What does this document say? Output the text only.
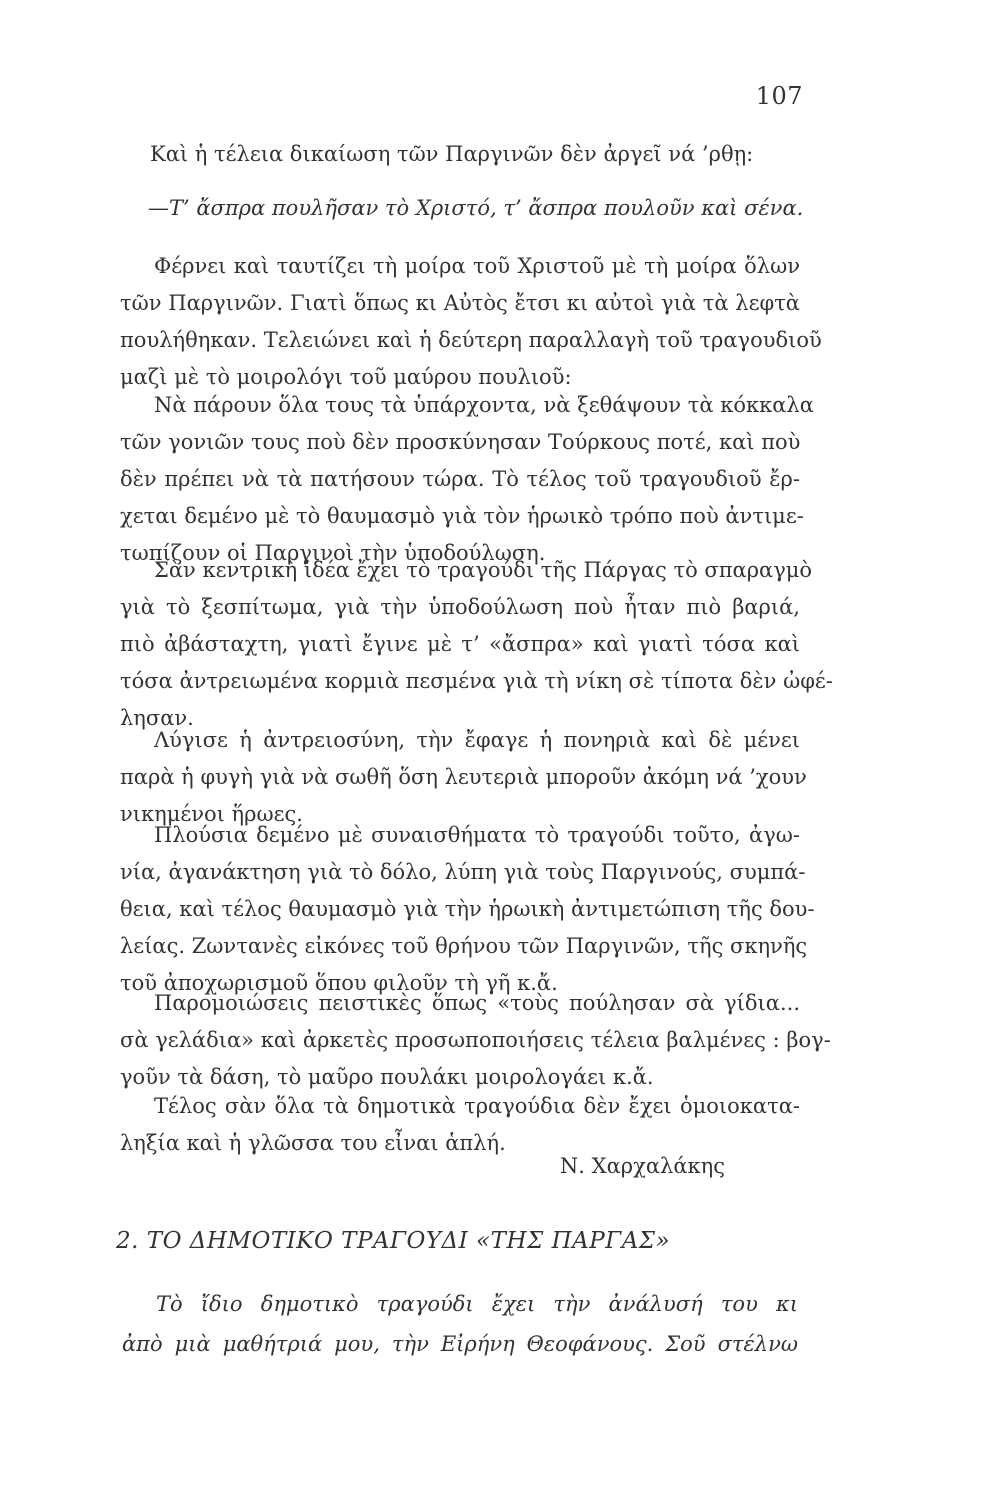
107
Καὶ ἡ τέλεια δικαίωση τῶν Παργινῶν δὲν ἀργεῖ νά ’ρθῃ:
—Τ’ ἄσπρα πουλῆσαν τὸ Χριστό, τ’ ἄσπρα πουλοῦν καὶ σένα.
Φέρνει καὶ ταυτίζει τὴ μοίρα τοῦ Χριστοῦ μὲ τὴ μοίρα ὅλων
τῶν Παργινῶν. Γιατὶ ὅπως κι Αὐτὸς ἔτσι κι αὐτοὶ γιὰ τὰ λεφτὰ
πουλήθηκαν. Τελειώνει καὶ ἡ δεύτερη παραλλαγὴ τοῦ τραγουδιοῦ
μαζὶ μὲ τὸ μοιρολόγι τοῦ μαύρου πουλιοῦ:
Νὰ πάρουν ὅλα τους τὰ ὑπάρχοντα, νὰ ξεθάψουν τὰ κόκκαλα
τῶν γονιῶν τους ποὺ δὲν προσκύνησαν Τούρκους ποτέ, καὶ ποὺ
δὲν πρέπει νὰ τὰ πατήσουν τώρα. Τὸ τέλος τοῦ τραγουδιοῦ ἔρ-
χεται δεμένο μὲ τὸ θαυμασμὸ γιὰ τὸν ἡρωικὸ τρόπο ποὺ ἀντιμε-
τωπίζουν οἱ Παργινοὶ τὴν ὑποδούλωση.
Σὰν κεντρικὴ ἰδέα ἔχει τὸ τραγούδι τῆς Πάργας τὸ σπαραγμὸ
γιὰ τὸ ξεσπίτωμα, γιὰ τὴν ὑποδούλωση ποὺ ἦταν πιὸ βαριά,
πιὸ ἀβάσταχτη, γιατὶ ἔγινε μὲ τ’ «ἄσπρα» καὶ γιατὶ τόσα καὶ
τόσα ἀντρειωμένα κορμιὰ πεσμένα γιὰ τὴ νίκη σὲ τίποτα δὲν ὠφέ-
λησαν.
Λύγισε ἡ ἀντρειοσύνη, τὴν ἔφαγε ἡ πονηριὰ καὶ δὲ μένει
παρὰ ἡ φυγὴ γιὰ νὰ σωθῆ ὅση λευτεριὰ μποροῦν ἀκόμη νά ’χουν
νικημένοι ἥρωες.
Πλούσια δεμένο μὲ συναισθήματα τὸ τραγούδι τοῦτο, ἀγω-
νία, ἀγανάκτηση γιὰ τὸ δόλο, λύπη γιὰ τοὺς Παργινούς, συμπά-
θεια, καὶ τέλος θαυμασμὸ γιὰ τὴν ἡρωικὴ ἀντιμετώπιση τῆς δου-
λείας. Ζωντανὲς εἰκόνες τοῦ θρήνου τῶν Παργινῶν, τῆς σκηνῆς
τοῦ ἀποχωρισμοῦ ὅπου φιλοῦν τὴ γῆ κ.ἄ.
Παρομοιώσεις πειστικὲς ὅπως «τοὺς πούλησαν σὰ γίδια...
σὰ γελάδια» καὶ ἀρκετὲς προσωποποιήσεις τέλεια βαλμένες : βογ-
γοῦν τὰ δάση, τὸ μαῦρο πουλάκι μοιρολογάει κ.ἄ.
Τέλος σὰν ὅλα τὰ δημοτικὰ τραγούδια δὲν ἔχει ὁμοιοκατα-
ληξία καὶ ἡ γλῶσσα του εἶναι ἁπλή.
Ν. Χαρχαλάκης
2. ΤΟ ΔΗΜΟΤΙΚΟ ΤΡΑΓΟΥΔΙ «ΤΗΣ ΠΑΡΓΑΣ»
Τὸ ἴδιο δημοτικὸ τραγούδι ἔχει τὴν ἀνάλυσή του κι
ἀπὸ μιὰ μαθήτριά μου, τὴν Εἰρήνη Θεοφάνους. Σοῦ στέλνω
